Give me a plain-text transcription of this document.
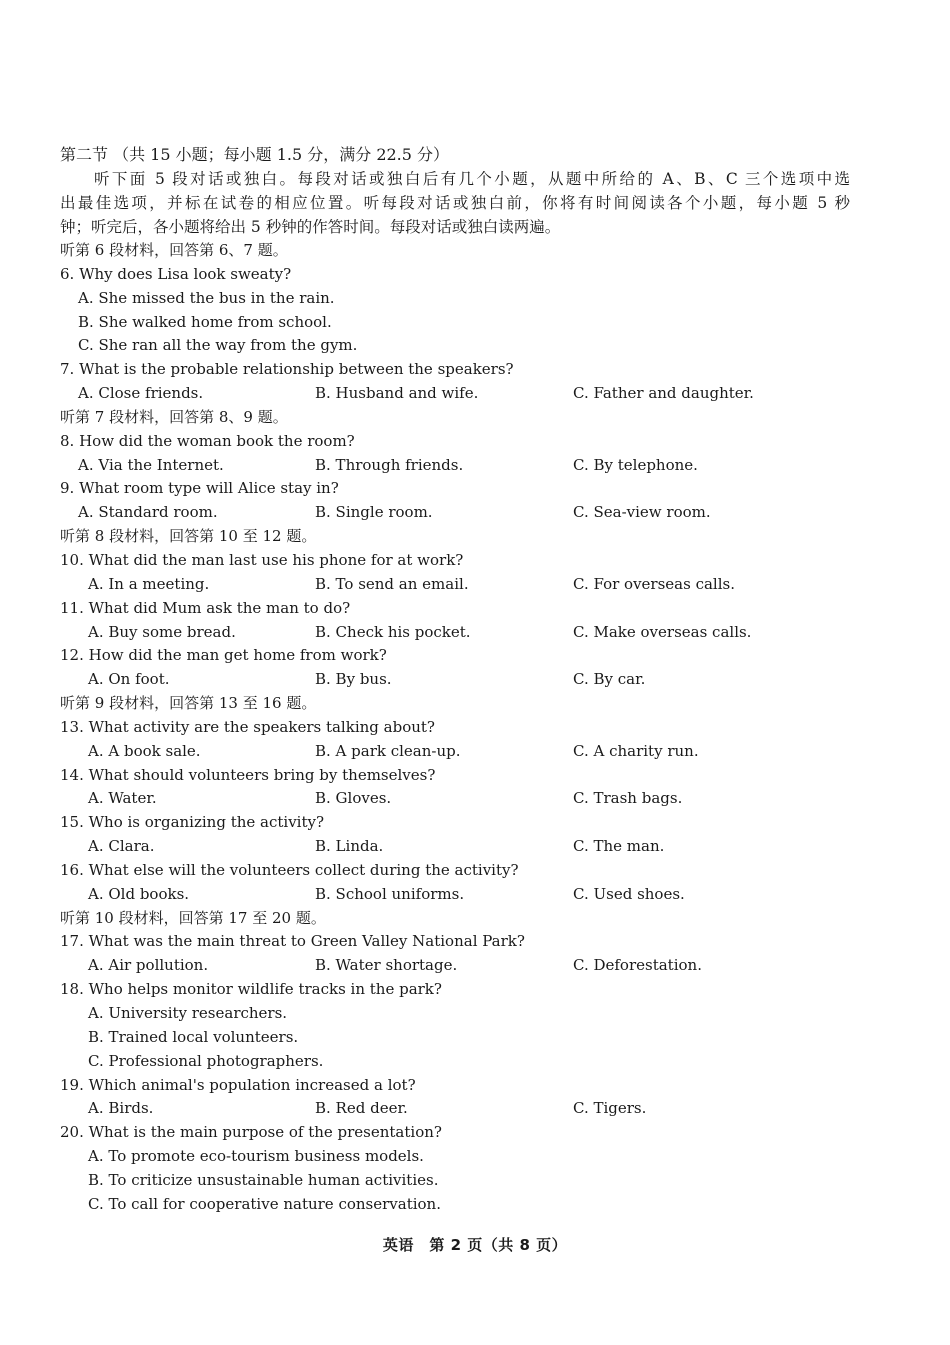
第二节 （共 15 小题；每小题 1.5 分，满分 22.5 分）
听下面 5 段对话或独白。每段对话或独白后有几个小题，从题中所给的 A、B、C 三个选项中选
出最佳选项，并标在试卷的相应位置。听每段对话或独白前，你将有时间阅读各个小题，每小题 5 秒
钟；听完后，各小题将给出 5 秒钟的作答时间。每段对话或独白读两遍。
听第 6 段材料，回答第 6、7 题。
6. Why does Lisa look sweaty?
A. She missed the bus in the rain.
B. She walked home from school.
C. She ran all the way from the gym.
7. What is the probable relationship between the speakers?
A. Close friends.	B. Husband and wife.	C. Father and daughter.
听第 7 段材料，回答第 8、9 题。
8. How did the woman book the room?
A. Via the Internet.	B. Through friends.	C. By telephone.
9. What room type will Alice stay in?
A. Standard room.	B. Single room.	C. Sea-view room.
听第 8 段材料，回答第 10 至 12 题。
10. What did the man last use his phone for at work?
A. In a meeting.	B. To send an email.	C. For overseas calls.
11. What did Mum ask the man to do?
A. Buy some bread.	B. Check his pocket.	C. Make overseas calls.
12. How did the man get home from work?
A. On foot.	B. By bus.	C. By car.
听第 9 段材料，回答第 13 至 16 题。
13. What activity are the speakers talking about?
A. A book sale.	B. A park clean-up.	C. A charity run.
14. What should volunteers bring by themselves?
A. Water.	B. Gloves.	C. Trash bags.
15. Who is organizing the activity?
A. Clara.	B. Linda.	C. The man.
16. What else will the volunteers collect during the activity?
A. Old books.	B. School uniforms.	C. Used shoes.
听第 10 段材料，回答第 17 至 20 题。
17. What was the main threat to Green Valley National Park?
A. Air pollution.	B. Water shortage.	C. Deforestation.
18. Who helps monitor wildlife tracks in the park?
A. University researchers.
B. Trained local volunteers.
C. Professional photographers.
19. Which animal's population increased a lot?
A. Birds.	B. Red deer.	C. Tigers.
20. What is the main purpose of the presentation?
A. To promote eco-tourism business models.
B. To criticize unsustainable human activities.
C. To call for cooperative nature conservation.
英语　第 2 页（共 8 页）
